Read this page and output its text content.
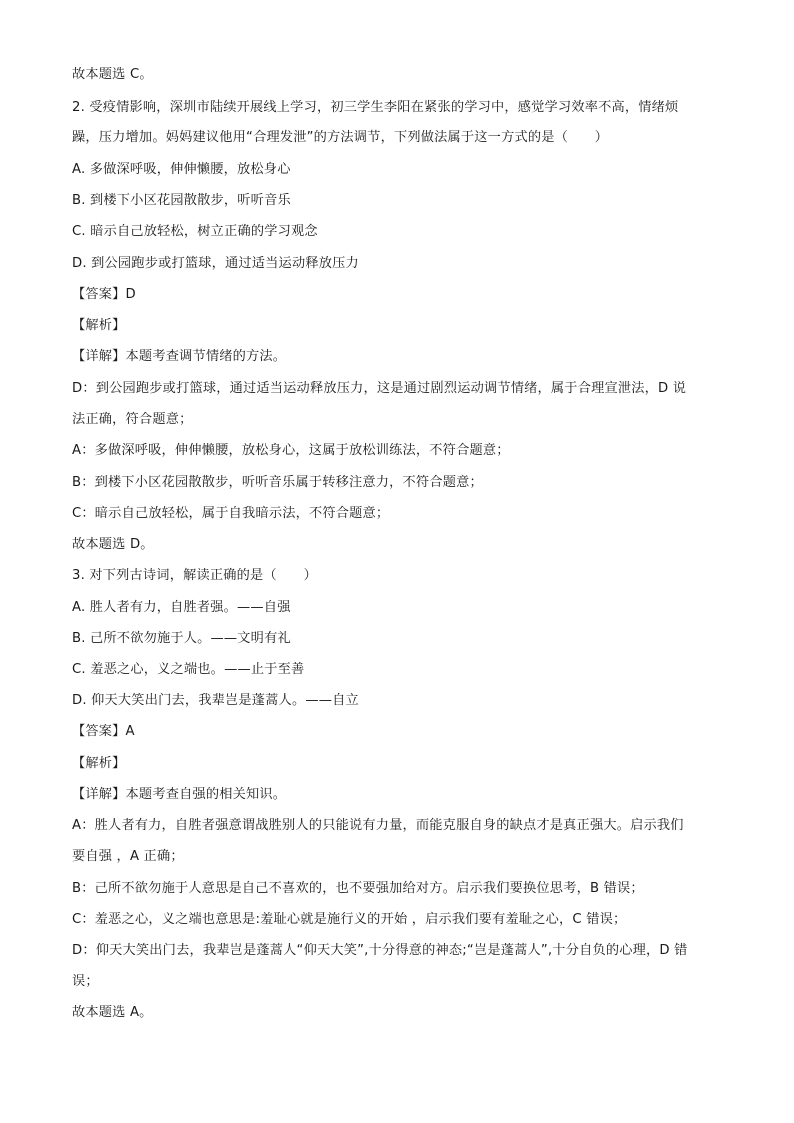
故本题选 C。
2. 受疫情影响，深圳市陆续开展线上学习，初三学生李阳在紧张的学习中，感觉学习效率不高，情绪烦
躁，压力增加。妈妈建议他用“合理发泄”的方法调节，下列做法属于这一方式的是（　　）
A. 多做深呼吸，伸伸懒腰，放松身心
B. 到楼下小区花园散散步，听听音乐
C. 暗示自己放轻松，树立正确的学习观念
D. 到公园跑步或打篮球，通过适当运动释放压力
【答案】D
【解析】
【详解】本题考查调节情绪的方法。
D：到公园跑步或打篮球，通过适当运动释放压力，这是通过剧烈运动调节情绪，属于合理宣泄法，D 说
法正确，符合题意；
A：多做深呼吸，伸伸懒腰，放松身心，这属于放松训练法，不符合题意；
B：到楼下小区花园散散步，听听音乐属于转移注意力，不符合题意；
C：暗示自己放轻松，属于自我暗示法，不符合题意；
故本题选 D。
3. 对下列古诗词，解读正确的是（　　）
A. 胜人者有力，自胜者强。——自强
B. 己所不欲勿施于人。——文明有礼
C. 羞恶之心，义之端也。——止于至善
D. 仰天大笑出门去，我辈岂是蓬蒿人。——自立
【答案】A
【解析】
【详解】本题考查自强的相关知识。
A：胜人者有力，自胜者强意谓战胜别人的只能说有力量，而能克服自身的缺点才是真正强大。启示我们
要自强 ，A 正确；
B：己所不欲勿施于人意思是自己不喜欢的，也不要强加给对方。启示我们要换位思考，B 错误；
C：羞恶之心，义之端也意思是:羞耻心就是施行义的开始 ，启示我们要有羞耻之心，C 错误；
D：仰天大笑出门去，我辈岂是蓬蒿人“仰天大笑”,十分得意的神态;“岂是蓬蒿人”,十分自负的心理，D 错
误；
故本题选 A。
